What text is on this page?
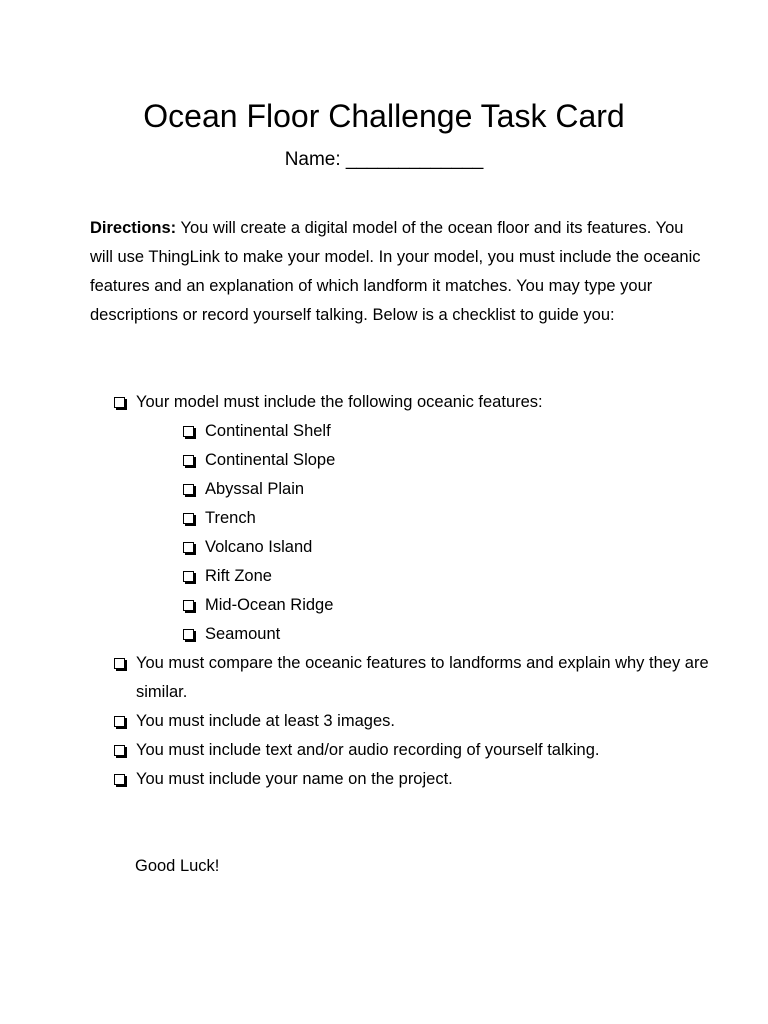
Ocean Floor Challenge Task Card
Name: _____________
Directions: You will create a digital model of the ocean floor and its features. You will use ThingLink to make your model. In your model, you must include the oceanic features and an explanation of which landform it matches. You may type your descriptions or record yourself talking. Below is a checklist to guide you:
Your model must include the following oceanic features:
Continental Shelf
Continental Slope
Abyssal Plain
Trench
Volcano Island
Rift Zone
Mid-Ocean Ridge
Seamount
You must compare the oceanic features to landforms and explain why they are similar.
You must include at least 3 images.
You must include text and/or audio recording of yourself talking.
You must include your name on the project.
Good Luck!
